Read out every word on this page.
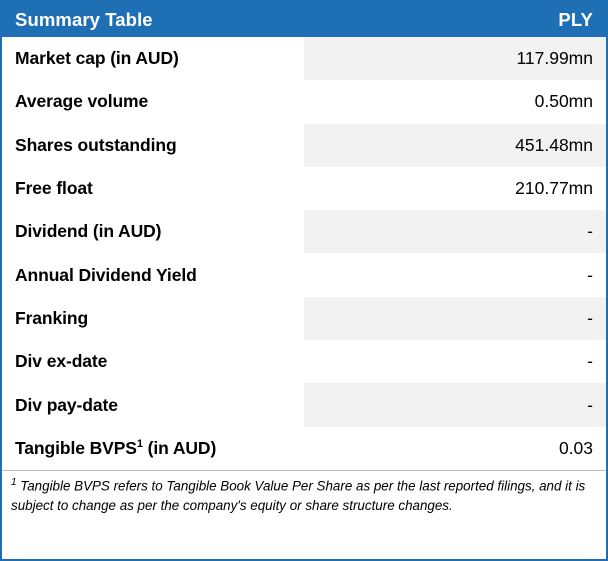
Summary Table	PLY
Market cap (in AUD)	117.99mn
Average volume	0.50mn
Shares outstanding	451.48mn
Free float	210.77mn
Dividend (in AUD)	-
Annual Dividend Yield	-
Franking	-
Div ex-date	-
Div pay-date	-
Tangible BVPS$^1$ (in AUD)	0.03
$^1$ Tangible BVPS refers to Tangible Book Value Per Share as per the last reported filings, and it is subject to change as per the company's equity or share structure changes.
